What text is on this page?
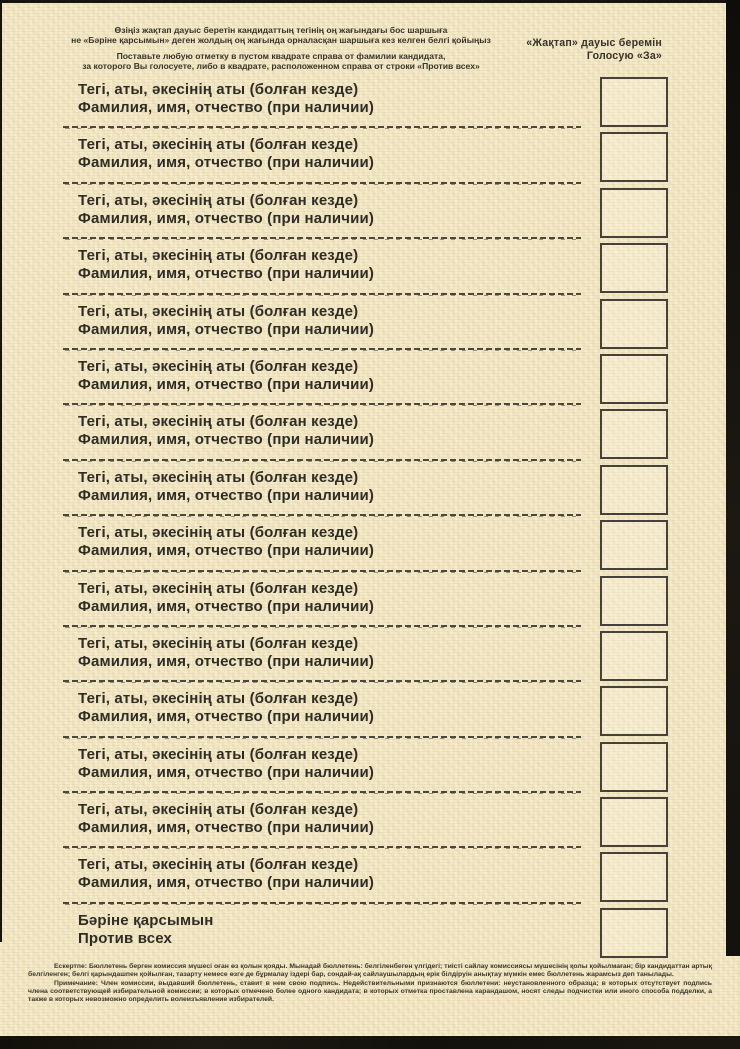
Өзіңіз жақтап дауыс беретін кандидаттың тегінің оң жағындағы бос шаршыға
не «Бәріне қарсымын» деген жолдың оң жағында орналасқан шаршыға кез келген белгі қойыңыз
Поставьте любую отметку в пустом квадрате справа от фамилии кандидата,
за которого Вы голосуете, либо в квадрате, расположенном справа от строки «Против всех»
«Жақтап» дауыс беремін
Голосую «За»
Тегі, аты, әкесінің аты (болған кезде)
Фамилия, имя, отчество (при наличии)
Тегі, аты, әкесінің аты (болған кезде)
Фамилия, имя, отчество (при наличии)
Тегі, аты, әкесінің аты (болған кезде)
Фамилия, имя, отчество (при наличии)
Тегі, аты, әкесінің аты (болған кезде)
Фамилия, имя, отчество (при наличии)
Тегі, аты, әкесінің аты (болған кезде)
Фамилия, имя, отчество (при наличии)
Тегі, аты, әкесінің аты (болған кезде)
Фамилия, имя, отчество (при наличии)
Тегі, аты, әкесінің аты (болған кезде)
Фамилия, имя, отчество (при наличии)
Тегі, аты, әкесінің аты (болған кезде)
Фамилия, имя, отчество (при наличии)
Тегі, аты, әкесінің аты (болған кезде)
Фамилия, имя, отчество (при наличии)
Тегі, аты, әкесінің аты (болған кезде)
Фамилия, имя, отчество (при наличии)
Тегі, аты, әкесінің аты (болған кезде)
Фамилия, имя, отчество (при наличии)
Тегі, аты, әкесінің аты (болған кезде)
Фамилия, имя, отчество (при наличии)
Тегі, аты, әкесінің аты (болған кезде)
Фамилия, имя, отчество (при наличии)
Тегі, аты, әкесінің аты (болған кезде)
Фамилия, имя, отчество (при наличии)
Тегі, аты, әкесінің аты (болған кезде)
Фамилия, имя, отчество (при наличии)
Бәріне қарсымын
Против всех

Ескертпе: Бюллетень берген комиссия мүшесі оған өз қолын қояды. Мынадай бюллетень: белгіленбеген үлгідегі; тиісті сайлау комиссиясы мүшесінің қолы қойылмаған; бір кандидаттан артық белгіленген; белгі қарындашпен қойылған, тазарту немесе өзге де бұрмалау іздері бар, сондай-ақ сайлаушылардың ерік білдіруін анықтау мүмкін емес бюллетень жарамсыз деп танылады.

Примечание: Член комиссии, выдавший бюллетень, ставит в нем свою подпись. Недействительными признаются бюллетени: неустановленного образца; в которых отсутствует подпись члена соответствующей избирательной комиссии; в которых отмечено более одного кандидата; в которых отметка проставлена карандашом, носят следы подчистки или иного способа подделки, а также в которых невозможно определить волеизъявление избирателей.
